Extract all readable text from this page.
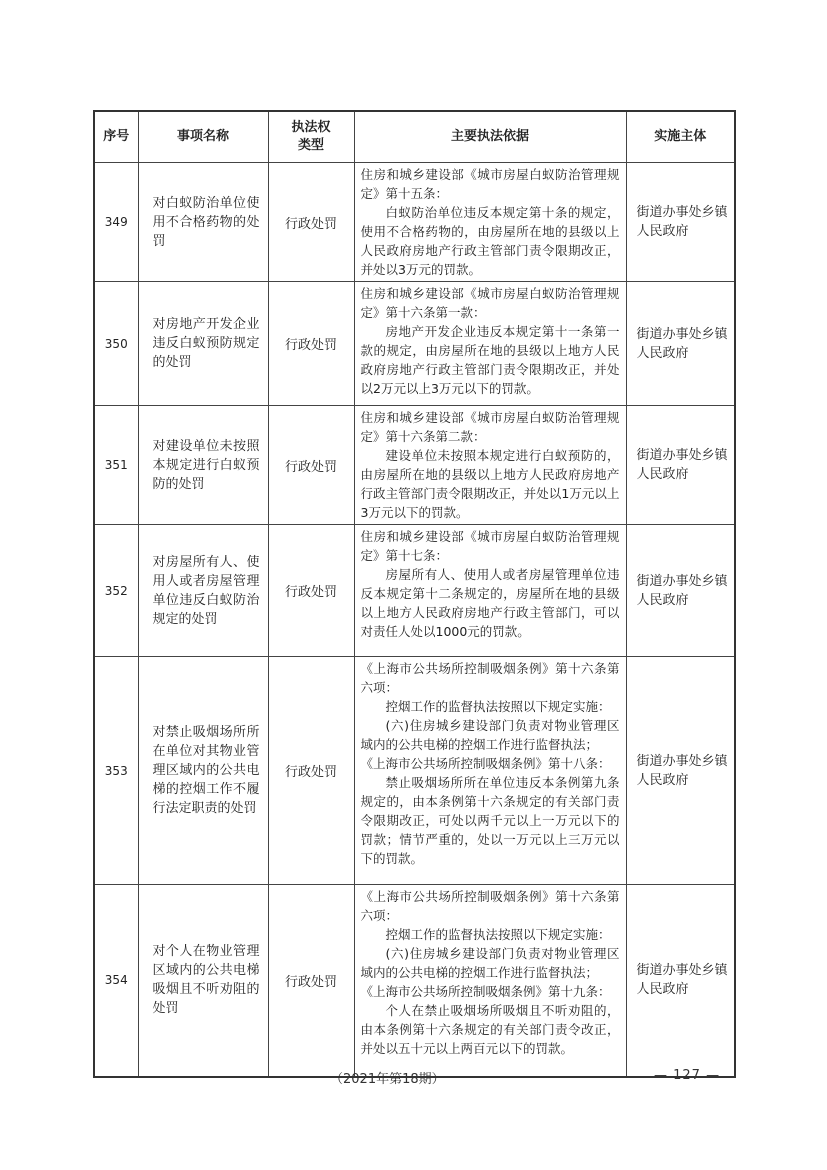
序号	事项名称	执法权类型	主要执法依据	实施主体
349	对白蚁防治单位使用不合格药物的处罚	行政处罚	住房和城乡建设部《城市房屋白蚁防治管理规定》第十五条：

白蚁防治单位违反本规定第十条的规定，使用不合格药物的，由房屋所在地的县级以上人民政府房地产行政主管部门责令限期改正，并处以3万元的罚款。	街道办事处乡镇人民政府
350	对房地产开发企业违反白蚁预防规定的处罚	行政处罚	住房和城乡建设部《城市房屋白蚁防治管理规定》第十六条第一款：

房地产开发企业违反本规定第十一条第一款的规定，由房屋所在地的县级以上地方人民政府房地产行政主管部门责令限期改正，并处以2万元以上3万元以下的罚款。	街道办事处乡镇人民政府
351	对建设单位未按照本规定进行白蚁预防的处罚	行政处罚	住房和城乡建设部《城市房屋白蚁防治管理规定》第十六条第二款：

建设单位未按照本规定进行白蚁预防的，由房屋所在地的县级以上地方人民政府房地产行政主管部门责令限期改正，并处以1万元以上3万元以下的罚款。	街道办事处乡镇人民政府
352	对房屋所有人、使用人或者房屋管理单位违反白蚁防治规定的处罚	行政处罚	住房和城乡建设部《城市房屋白蚁防治管理规定》第十七条：

房屋所有人、使用人或者房屋管理单位违反本规定第十二条规定的，房屋所在地的县级以上地方人民政府房地产行政主管部门，可以对责任人处以1000元的罚款。	街道办事处乡镇人民政府
353	对禁止吸烟场所所在单位对其物业管理区域内的公共电梯的控烟工作不履行法定职责的处罚	行政处罚	《上海市公共场所控制吸烟条例》第十六条第六项：

控烟工作的监督执法按照以下规定实施：

(六)住房城乡建设部门负责对物业管理区域内的公共电梯的控烟工作进行监督执法；

《上海市公共场所控制吸烟条例》第十八条：

禁止吸烟场所所在单位违反本条例第九条规定的，由本条例第十六条规定的有关部门责令限期改正，可处以两千元以上一万元以下的罚款；情节严重的，处以一万元以上三万元以下的罚款。	街道办事处乡镇人民政府
354	对个人在物业管理区域内的公共电梯吸烟且不听劝阻的处罚	行政处罚	《上海市公共场所控制吸烟条例》第十六条第六项：

控烟工作的监督执法按照以下规定实施：

(六)住房城乡建设部门负责对物业管理区域内的公共电梯的控烟工作进行监督执法；

《上海市公共场所控制吸烟条例》第十九条：

个人在禁止吸烟场所吸烟且不听劝阻的，由本条例第十六条规定的有关部门责令改正，并处以五十元以上两百元以下的罚款。	街道办事处乡镇人民政府
（2021年第18期）	— 127 —
